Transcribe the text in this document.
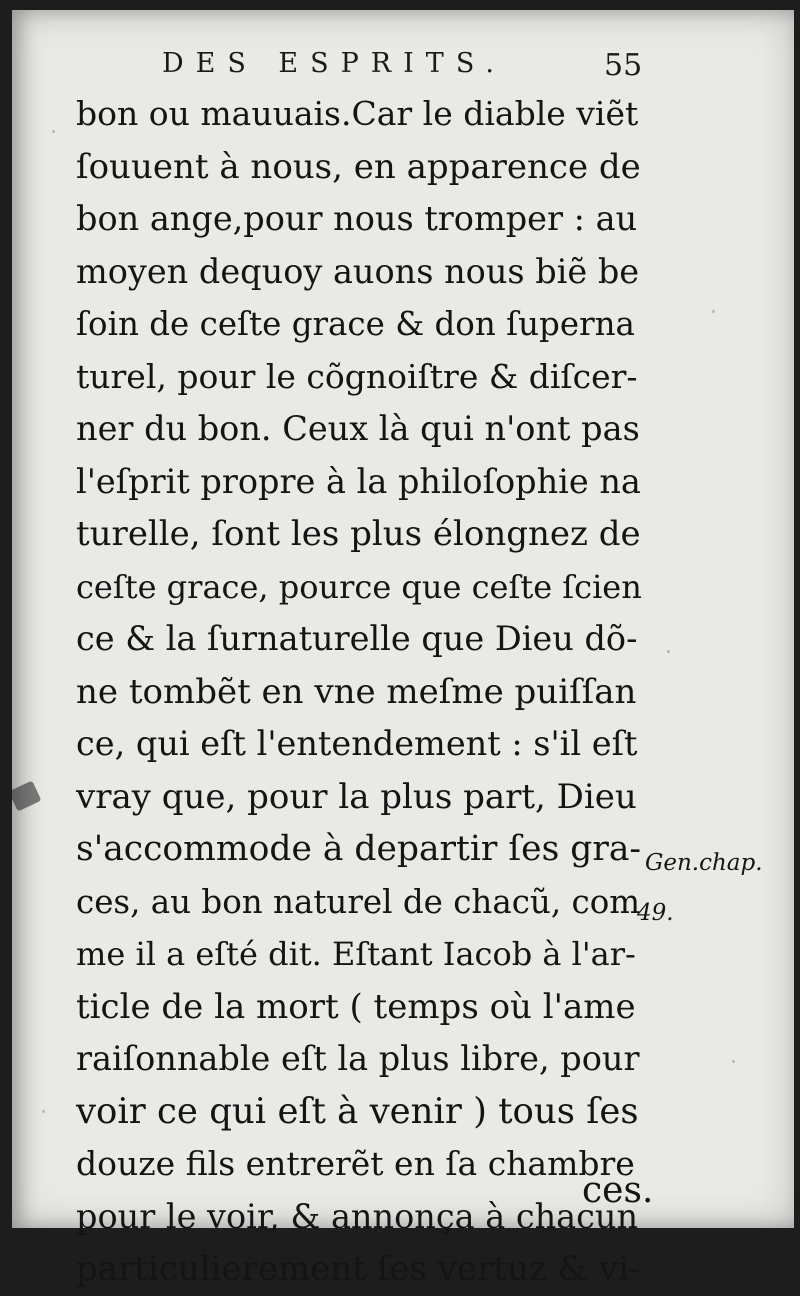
DES ESPRITS.	55
bon ou mauuais.Car le diable viẽt
ſouuent à nous, en apparence de
bon ange,pour nous tromper : au
moyen dequoy auons nous biẽ be
ſoin de ceſte grace & don ſuperna
turel, pour le cõgnoiſtre & diſcer-
ner du bon. Ceux là qui n'ont pas
l'eſprit propre à la philoſophie na
turelle, ſont les plus élongnez de
ceſte grace, pource que ceſte ſcien
ce & la ſurnaturelle que Dieu dõ-
ne tombẽt en vne meſme puiſſan
ce, qui eſt l'entendement : s'il eſt
vray que, pour la plus part, Dieu
s'accommode à departir ſes gra-
ces, au bon naturel de chacũ, com
me il a eſté dit. Eſtant Iacob à l'ar-
ticle de la mort ( temps où l'ame
raiſonnable eſt la plus libre, pour
voir ce qui eſt à venir ) tous ſes
douze fils entrerẽt en ſa chambre
pour le voir, & annonça à chacun
particulierement ſes vertuz & vi-
Gen.chap.
49.
ces.
